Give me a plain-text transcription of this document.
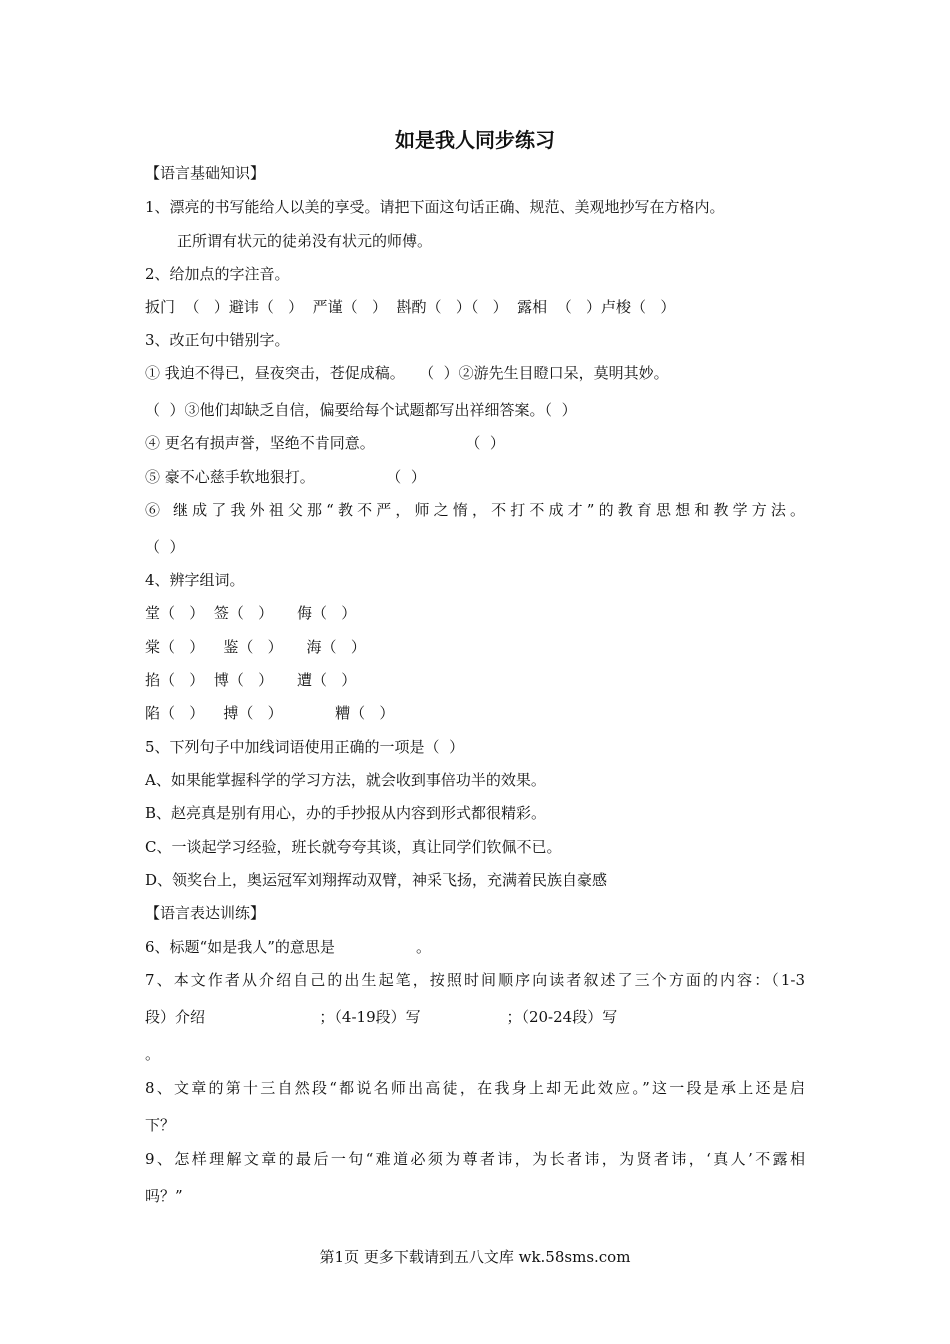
如是我人同步练习
【语言基础知识】
1、漂亮的书写能给人以美的享受。请把下面这句话正确、规范、美观地抄写在方格内。
正所谓有状元的徒弟没有状元的师傅。
2、给加点的字注音。
扳门  （   ）避讳（   ）  严谨（   ）  斟酌（   ）（   ）  露相  （   ）卢梭（   ）
3、改正句中错别字。
① 我迫不得已，昼夜突击，苍促成稿。   （  ）②游先生目瞪口呆，莫明其妙。
（  ）③他们却缺乏自信，偏要给每个试题都写出祥细答案。（  ）
④ 更名有损声誉，坚绝不肯同意。                   （  ）
⑤ 豪不心慈手软地狠打。               （  ）
⑥ 继成了我外祖父那“教不严，师之惰，不打不成才”的教育思想和教学方法。
（  ）
4、辨字组词。
堂（   ）  签（   ）     侮（   ）
棠（   ）    鉴（   ）     海（   ）
掐（   ）  博（   ）     遭（   ）
陷（   ）    搏（   ）           糟（   ）
5、下列句子中加线词语使用正确的一项是（  ）
A、如果能掌握科学的学习方法，就会收到事倍功半的效果。
B、赵亮真是别有用心，办的手抄报从内容到形式都很精彩。
C、一谈起学习经验，班长就夸夸其谈，真让同学们钦佩不已。
D、领奖台上，奥运冠军刘翔挥动双臂，神采飞扬，充满着民族自豪感
【语言表达训练】
6、标题“如是我人”的意思是                 。
7、本文作者从介绍自己的出生起笔，按照时间顺序向读者叙述了三个方面的内容：（1-3
段）介绍                        ；（4-19段）写                  ；（20-24段）写
。
8、文章的第十三自然段“都说名师出高徒，在我身上却无此效应。”这一段是承上还是启
下？
9、怎样理解文章的最后一句“难道必须为尊者讳，为长者讳，为贤者讳，‘真人’不露相
吗？”
第1页 更多下载请到五八文库 wk.58sms.com
